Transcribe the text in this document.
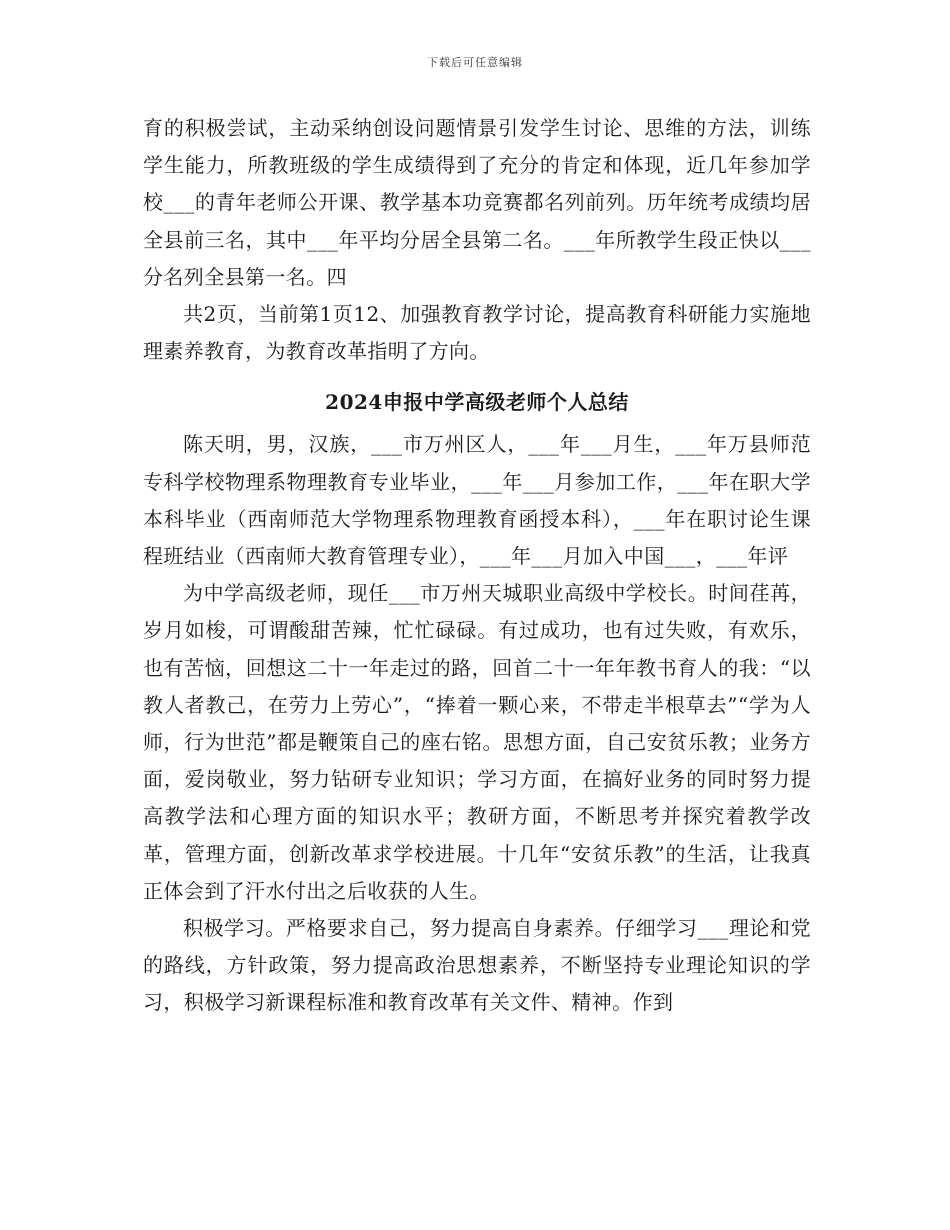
下载后可任意编辑

育的积极尝试，主动采纳创设问题情景引发学生讨论、思维的方法，训练学生能力，所教班级的学生成绩得到了充分的肯定和体现，近几年参加学校___的青年老师公开课、教学基本功竞赛都名列前列。历年统考成绩均居全县前三名，其中___年平均分居全县第二名。___年所教学生段正快以___分名列全县第一名。四

共2页，当前第1页12、加强教育教学讨论，提高教育科研能力实施地理素养教育，为教育改革指明了方向。

2024申报中学高级老师个人总结

陈天明，男，汉族，___市万州区人，___年___月生，___年万县师范专科学校物理系物理教育专业毕业，___年___月参加工作，___年在职大学本科毕业（西南师范大学物理系物理教育函授本科），___年在职讨论生课程班结业（西南师大教育管理专业），___年___月加入中国___，___年评

为中学高级老师，现任___市万州天城职业高级中学校长。时间荏苒，岁月如梭，可谓酸甜苦辣，忙忙碌碌。有过成功，也有过失败，有欢乐，也有苦恼，回想这二十一年走过的路，回首二十一年年教书育人的我：“以教人者教己，在劳力上劳心”，“捧着一颗心来，不带走半根草去”“学为人师，行为世范”都是鞭策自己的座右铭。思想方面，自己安贫乐教；业务方面，爱岗敬业，努力钻研专业知识；学习方面，在搞好业务的同时努力提高教学法和心理方面的知识水平；教研方面，不断思考并探究着教学改革，管理方面，创新改革求学校进展。十几年“安贫乐教”的生活，让我真正体会到了汗水付出之后收获的人生。

积极学习。严格要求自己，努力提高自身素养。仔细学习___理论和党的路线，方针政策，努力提高政治思想素养，不断坚持专业理论知识的学习，积极学习新课程标准和教育改革有关文件、精神。作到
